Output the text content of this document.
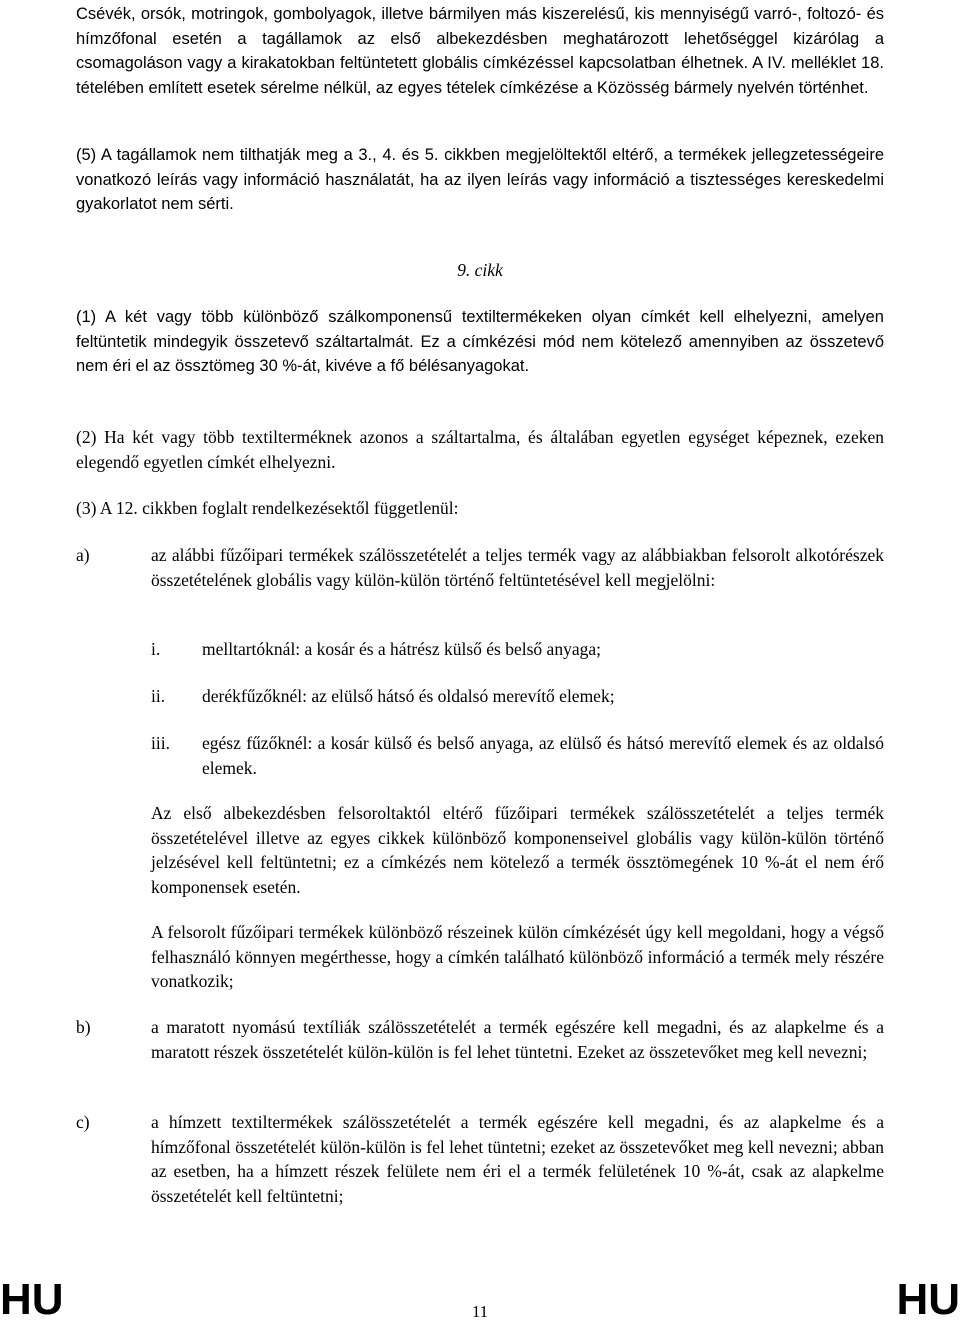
Csévék, orsók, motringok, gombolyagok, illetve bármilyen más kiszerelésű, kis mennyiségű varró-, foltozó- és hímzőfonal esetén a tagállamok az első albekezdésben meghatározott lehetőséggel kizárólag a csomagoláson vagy a kirakatokban feltüntetett globális címkézéssel kapcsolatban élhetnek. A IV. melléklet 18. tételében említett esetek sérelme nélkül, az egyes tételek címkézése a Közösség bármely nyelvén történhet.

(5) A tagállamok nem tilthatják meg a 3., 4. és 5. cikkben megjelöltektől eltérő, a termékek jellegzetességeire vonatkozó leírás vagy információ használatát, ha az ilyen leírás vagy információ a tisztességes kereskedelmi gyakorlatot nem sérti.

9. cikk

(1) A két vagy több különböző szálkomponensű textiltermékeken olyan címkét kell elhelyezni, amelyen feltüntetik mindegyik összetevő száltartalmát. Ez a címkézési mód nem kötelező amennyiben az összetevő nem éri el az össztömeg 30 %-át, kivéve a fő bélésanyagokat.

(2) Ha két vagy több textilterméknek azonos a száltartalma, és általában egyetlen egységet képeznek, ezeken elegendő egyetlen címkét elhelyezni.

(3) A 12. cikkben foglalt rendelkezésektől függetlenül:

a)	az alábbi fűzőipari termékek szálösszetételét a teljes termék vagy az alábbiakban felsorolt alkotórészek összetételének globális vagy külön-külön történő feltüntetésével kell megjelölni:

i. melltartóknál: a kosár és a hátrész külső és belső anyaga;

ii. derékfűzőknél: az elülső hátsó és oldalsó merevítő elemek;

iii. egész fűzőknél: a kosár külső és belső anyaga, az elülső és hátsó merevítő elemek és az oldalsó elemek.

Az első albekezdésben felsoroltaktól eltérő fűzőipari termékek szálösszetételét a teljes termék összetételével illetve az egyes cikkek különböző komponenseivel globális vagy külön-külön történő jelzésével kell feltüntetni; ez a címkézés nem kötelező a termék össztömegének 10 %-át el nem érő komponensek esetén.

A felsorolt fűzőipari termékek különböző részeinek külön címkézését úgy kell megoldani, hogy a végső felhasználó könnyen megérthesse, hogy a címkén található különböző információ a termék mely részére vonatkozik;

b)	a maratott nyomású textíliák szálösszetételét a termék egészére kell megadni, és az alapkelme és a maratott részek összetételét külön-külön is fel lehet tüntetni. Ezeket az összetevőket meg kell nevezni;

c)	a hímzett textiltermékek szálösszetételét a termék egészére kell megadni, és az alapkelme és a hímzőfonal összetételét külön-külön is fel lehet tüntetni; ezeket az összetevőket meg kell nevezni; abban az esetben, ha a hímzett részek felülete nem éri el a termék felületének 10 %-át, csak az alapkelme összetételét kell feltüntetni;

HU	11	HU
